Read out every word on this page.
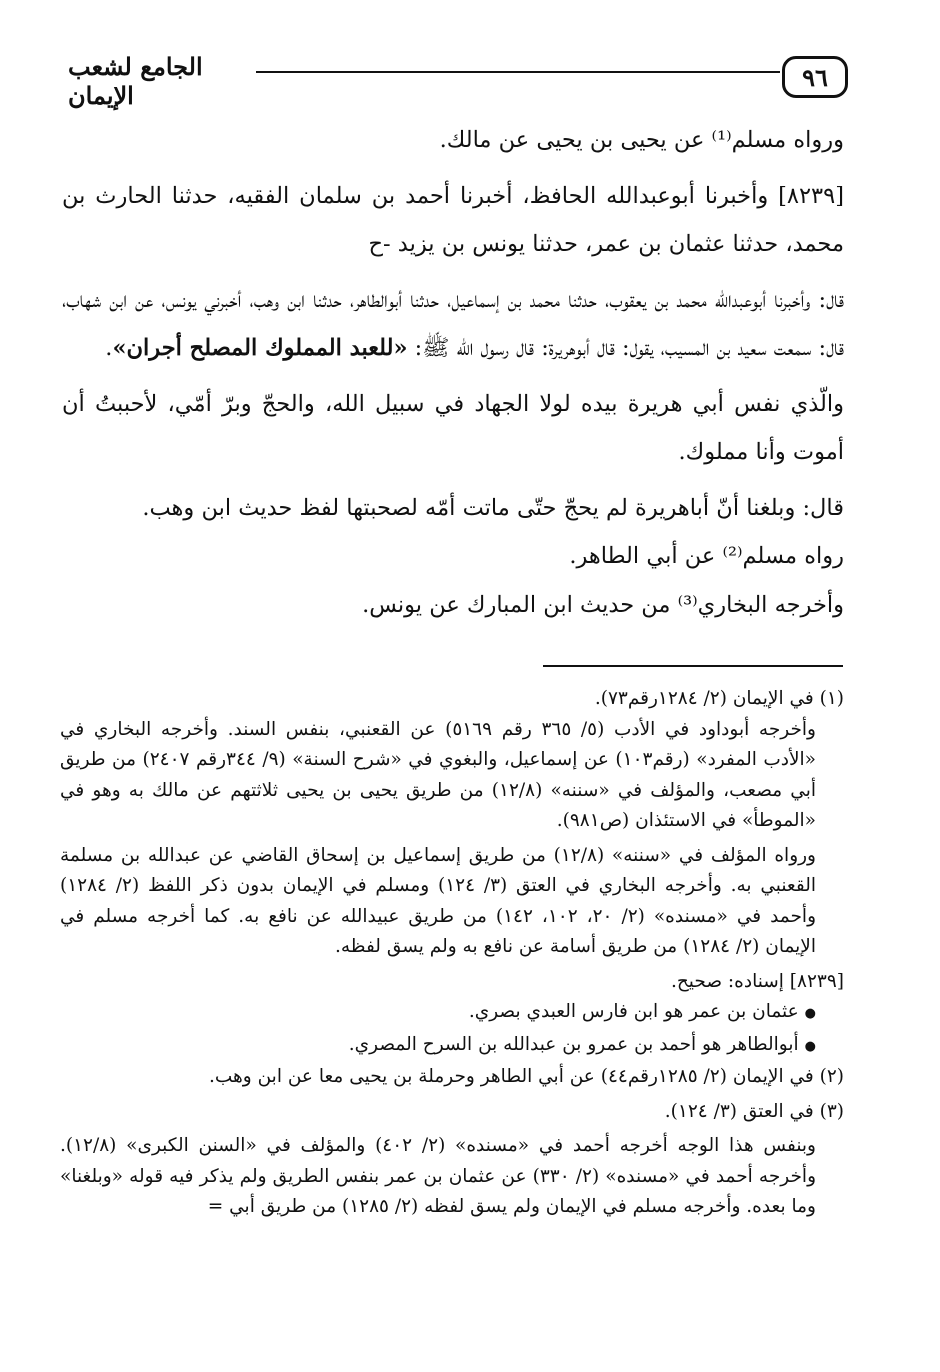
٩٦
الجامع لشعب الإيمان

ورواه مسلم⁽¹⁾ عن يحيى بن يحيى عن مالك.

[٨٢٣٩] وأخبرنا أبوعبدالله الحافظ، أخبرنا أحمد بن سلمان الفقيه، حدثنا الحارث بن محمد، حدثنا عثمان بن عمر، حدثنا يونس بن يزيد -ح

قال: وأخبرنا أبوعبدالله محمد بن يعقوب، حدثنا محمد بن إسماعيل، حدثنا أبوالطاهر، حدثنا ابن وهب، أخبرني يونس، عن ابن شهاب، قال: سمعت سعيد بن المسيب، يقول: قال أبوهريرة: قال رسول الله ﷺ: «للعبد المملوك المصلح أجران».

والّذي نفس أبي هريرة بيده لولا الجهاد في سبيل الله، والحجّ وبرّ أمّي، لأحببتُ أن أموت وأنا مملوك.

قال: وبلغنا أنّ أباهريرة لم يحجّ حتّى ماتت أمّه لصحبتها لفظ حديث ابن وهب.

رواه مسلم⁽²⁾ عن أبي الطاهر.

وأخرجه البخاري⁽³⁾ من حديث ابن المبارك عن يونس.

(١) في الإيمان (٢/ ١٢٨٤رقم٧٣).

وأخرجه أبوداود في الأدب (٥/ ٣٦٥ رقم ٥١٦٩) عن القعنبي، بنفس السند. وأخرجه البخاري في «الأدب المفرد» (رقم١٠٣) عن إسماعيل، والبغوي في «شرح السنة» (٩/ ٣٤٤رقم ٢٤٠٧) من طريق أبي مصعب، والمؤلف في «سننه» (١٢/٨) من طريق يحيى بن يحيى ثلاثتهم عن مالك به وهو في «الموطأ» في الاستئذان (ص٩٨١).

ورواه المؤلف في «سننه» (١٢/٨) من طريق إسماعيل بن إسحاق القاضي عن عبدالله بن مسلمة القعنبي به. وأخرجه البخاري في العتق (٣/ ١٢٤) ومسلم في الإيمان بدون ذكر اللفظ (٢/ ١٢٨٤) وأحمد في «مسنده» (٢/ ٢٠، ١٠٢، ١٤٢) من طريق عبيدالله عن نافع به. كما أخرجه مسلم في الإيمان (٢/ ١٢٨٤) من طريق أسامة عن نافع به ولم يسق لفظه.

[٨٢٣٩] إسناده: صحيح.

● عثمان بن عمر هو ابن فارس العبدي بصري.
● أبوالطاهر هو أحمد بن عمرو بن عبدالله بن السرح المصري.

(٢) في الإيمان (٢/ ١٢٨٥رقم٤٤) عن أبي الطاهر وحرملة بن يحيى معا عن ابن وهب.

(٣) في العتق (٣/ ١٢٤).

وبنفس هذا الوجه أخرجه أحمد في «مسنده» (٢/ ٤٠٢) والمؤلف في «السنن الكبرى» (١٢/٨). وأخرجه أحمد في «مسنده» (٢/ ٣٣٠) عن عثمان بن عمر بنفس الطريق ولم يذكر فيه قوله «وبلغنا» وما بعده. وأخرجه مسلم في الإيمان ولم يسق لفظه (٢/ ١٢٨٥) من طريق أبي =
